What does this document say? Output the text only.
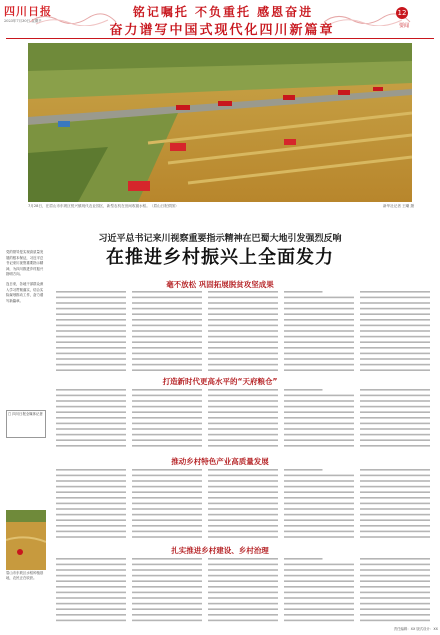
四川日报
2023年7月30日 星期日
铭记嘱托 不负重托 感恩奋进
奋力谱写中国式现代化四川新篇章
12
要闻
7月28日，在眉山市东坡区悦兴镇现代农业园区，新型农机在田间收割水稻。（眉山日报供图）	新华社记者 王曦 摄
习近平总书记来川视察重要指示精神在巴蜀大地引发强烈反响
在推进乡村振兴上全面发力
毫不放松 巩固拓展脱贫攻坚成果
打造新时代更高水平的“天府粮仓”
推动乡村特色产业高质量发展
扎实推进乡村建设、乡村治理

党的领导是实现高质量发展的根本保证，习近平总书记来川视察重要指示精神，为四川推进乡村振兴指明方向。

连日来，各地干部群众深入学习贯彻落实，结合实际谋划推动工作，奋力谱写新篇章。

□ 四川日报全媒体记者
眉山市东坡区水稻种植基地，农民正在收获。
责任编辑：XX 版式设计：XX
